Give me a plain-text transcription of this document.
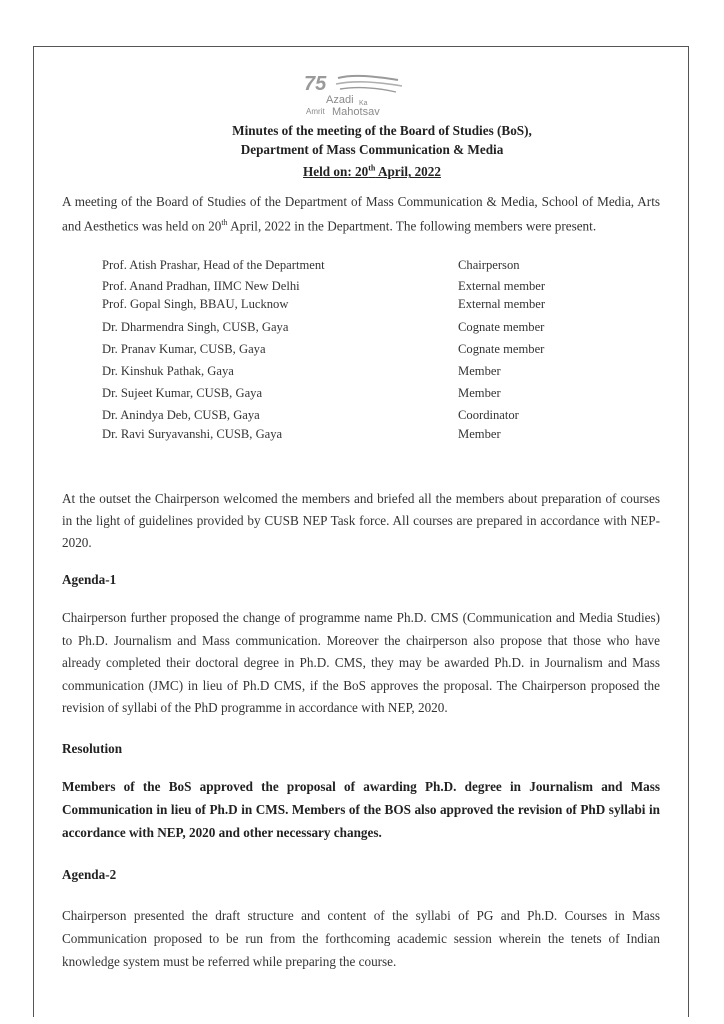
75
Azadi Ka
Amrit Mahotsav
Minutes of the meeting of the Board of Studies (BoS),
Department of Mass Communication & Media
Held on: 20th April, 2022
A meeting of the Board of Studies of the Department of Mass Communication & Media, School of Media, Arts and Aesthetics was held on 20th April, 2022 in the Department. The following members were present.
Prof. Atish Prashar, Head of the Department	Chairperson
Prof. Anand Pradhan, IIMC New Delhi	External member
Prof. Gopal Singh, BBAU, Lucknow	External member
Dr. Dharmendra Singh, CUSB, Gaya	Cognate member
Dr. Pranav Kumar, CUSB, Gaya	Cognate member
Dr. Kinshuk Pathak, Gaya	Member
Dr. Sujeet Kumar, CUSB, Gaya	Member
Dr. Anindya Deb, CUSB, Gaya	Coordinator
Dr. Ravi Suryavanshi, CUSB, Gaya	Member
At the outset the Chairperson welcomed the members and briefed all the members about preparation of courses in the light of guidelines provided by CUSB NEP Task force. All courses are prepared in accordance with NEP-2020.
Agenda-1
Chairperson further proposed the change of programme name Ph.D. CMS (Communication and Media Studies) to Ph.D. Journalism and Mass communication. Moreover the chairperson also propose that those who have already completed their doctoral degree in Ph.D. CMS, they may be awarded Ph.D. in Journalism and Mass communication (JMC) in lieu of Ph.D CMS, if the BoS approves the proposal. The Chairperson proposed the revision of syllabi of the PhD programme in accordance with NEP, 2020.
Resolution
Members of the BoS approved the proposal of awarding Ph.D. degree in Journalism and Mass Communication in lieu of Ph.D in CMS. Members of the BOS also approved the revision of PhD syllabi in accordance with NEP, 2020 and other necessary changes.
Agenda-2
Chairperson presented the draft structure and content of the syllabi of PG and Ph.D. Courses in Mass Communication proposed to be run from the forthcoming academic session wherein the tenets of Indian knowledge system must be referred while preparing the course.
